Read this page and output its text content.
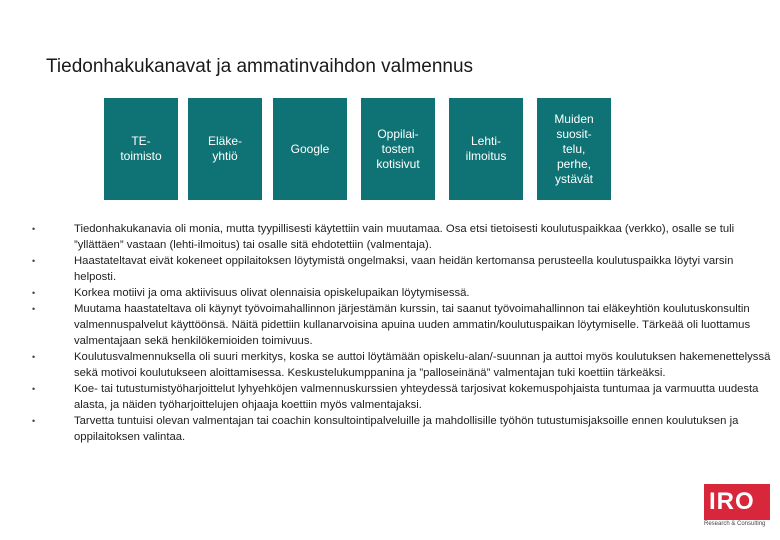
Tiedonhakukanavat ja ammatinvaihdon valmennus
TE-
toimisto
Eläke-
yhtiö
Google
Oppilai-
tosten
kotisivut
Lehti-
ilmoitus
Muiden
suosit-
telu,
perhe,
ystävät
•	Tiedonhakukanavia oli monia, mutta tyypillisesti käytettiin vain muutamaa. Osa etsi tietoisesti koulutuspaikkaa (verkko), osalle se tuli ”yllättäen” vastaan (lehti-ilmoitus) tai osalle sitä ehdotettiin (valmentaja).
•	Haastateltavat eivät kokeneet oppilaitoksen löytymistä ongelmaksi, vaan heidän kertomansa perusteella koulutuspaikka löytyi varsin helposti.
•	Korkea motiivi ja oma aktiivisuus olivat olennaisia opiskelupaikan löytymisessä.
•	Muutama haastateltava oli käynyt työvoimahallinnon järjestämän kurssin, tai saanut työvoimahallinnon tai eläkeyhtiön koulutuskonsultin valmennuspalvelut käyttöönsä. Näitä pidettiin kullanarvoisina apuina uuden ammatin/koulutuspaikan löytymiselle. Tärkeää oli luottamus valmentajaan sekä henkilökemioiden toimivuus.
•	Koulutusvalmennuksella oli suuri merkitys, koska se auttoi löytämään opiskelu-alan/-suunnan ja auttoi myös koulutuksen hakemenettelyssä sekä motivoi koulutukseen aloittamisessa. Keskustelukumppanina ja ”palloseinänä” valmentajan tuki koettiin tärkeäksi.
•	Koe- tai tutustumistyöharjoittelut lyhyehköjen valmennuskurssien yhteydessä tarjosivat kokemuspohjaista tuntumaa ja varmuutta uudesta alasta, ja näiden työharjoittelujen ohjaaja koettiin myös valmentajaksi.
•	Tarvetta tuntuisi olevan valmentajan tai coachin konsultointipalveluille ja mahdollisille työhön tutustumisjaksoille ennen koulutuksen ja oppilaitoksen valintaa.
IRO
Research & Consulting
